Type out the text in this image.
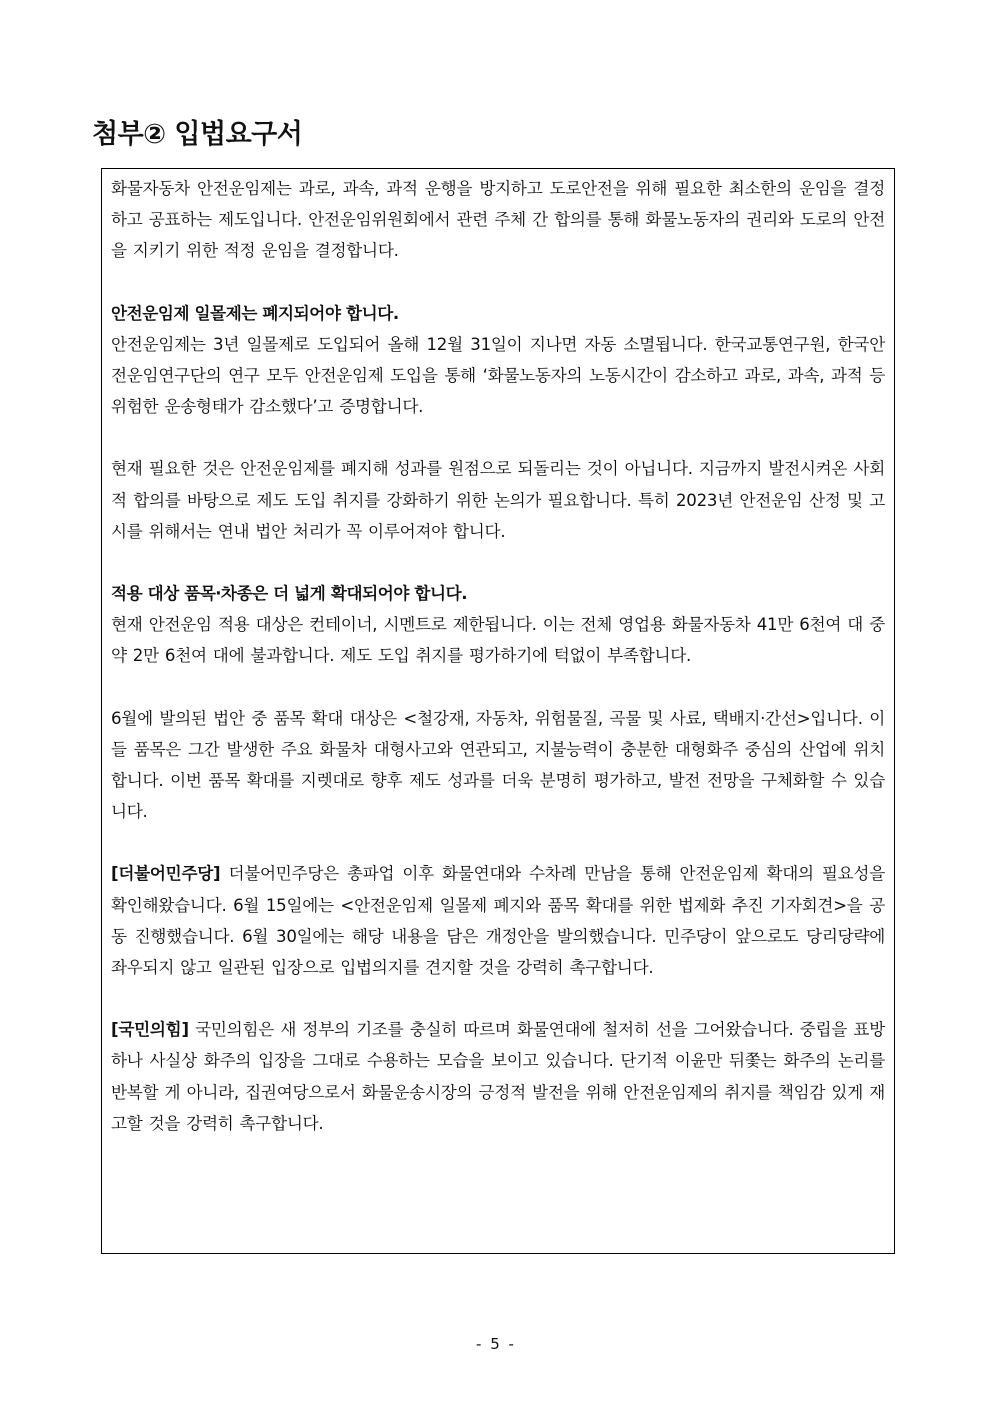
첨부② 입법요구서

화물자동차 안전운임제는 과로, 과속, 과적 운행을 방지하고 도로안전을 위해 필요한 최소한의 운임을 결정하고 공표하는 제도입니다. 안전운임위원회에서 관련 주체 간 합의를 통해 화물노동자의 권리와 도로의 안전을 지키기 위한 적정 운임을 결정합니다.

안전운임제 일몰제는 폐지되어야 합니다.

안전운임제는 3년 일몰제로 도입되어 올해 12월 31일이 지나면 자동 소멸됩니다. 한국교통연구원, 한국안전운임연구단의 연구 모두 안전운임제 도입을 통해 ‘화물노동자의 노동시간이 감소하고 과로, 과속, 과적 등 위험한 운송형태가 감소했다’고 증명합니다.

현재 필요한 것은 안전운임제를 폐지해 성과를 원점으로 되돌리는 것이 아닙니다. 지금까지 발전시켜온 사회적 합의를 바탕으로 제도 도입 취지를 강화하기 위한 논의가 필요합니다. 특히 2023년 안전운임 산정 및 고시를 위해서는 연내 법안 처리가 꼭 이루어져야 합니다.

적용 대상 품목‧차종은 더 넓게 확대되어야 합니다.

현재 안전운임 적용 대상은 컨테이너, 시멘트로 제한됩니다. 이는 전체 영업용 화물자동차 41만 6천여 대 중 약 2만 6천여 대에 불과합니다. 제도 도입 취지를 평가하기에 턱없이 부족합니다.

6월에 발의된 법안 중 품목 확대 대상은 <철강재, 자동차, 위험물질, 곡물 및 사료, 택배지·간선>입니다. 이들 품목은 그간 발생한 주요 화물차 대형사고와 연관되고, 지불능력이 충분한 대형화주 중심의 산업에 위치합니다. 이번 품목 확대를 지렛대로 향후 제도 성과를 더욱 분명히 평가하고, 발전 전망을 구체화할 수 있습니다.

[더불어민주당] 더불어민주당은 총파업 이후 화물연대와 수차례 만남을 통해 안전운임제 확대의 필요성을 확인해왔습니다. 6월 15일에는 <안전운임제 일몰제 폐지와 품목 확대를 위한 법제화 추진 기자회견>을 공동 진행했습니다. 6월 30일에는 해당 내용을 담은 개정안을 발의했습니다. 민주당이 앞으로도 당리당략에 좌우되지 않고 일관된 입장으로 입법의지를 견지할 것을 강력히 촉구합니다.

[국민의힘] 국민의힘은 새 정부의 기조를 충실히 따르며 화물연대에 철저히 선을 그어왔습니다. 중립을 표방하나 사실상 화주의 입장을 그대로 수용하는 모습을 보이고 있습니다. 단기적 이윤만 뒤쫓는 화주의 논리를 반복할 게 아니라, 집권여당으로서 화물운송시장의 긍정적 발전을 위해 안전운임제의 취지를 책임감 있게 재고할 것을 강력히 촉구합니다.

- 5 -
